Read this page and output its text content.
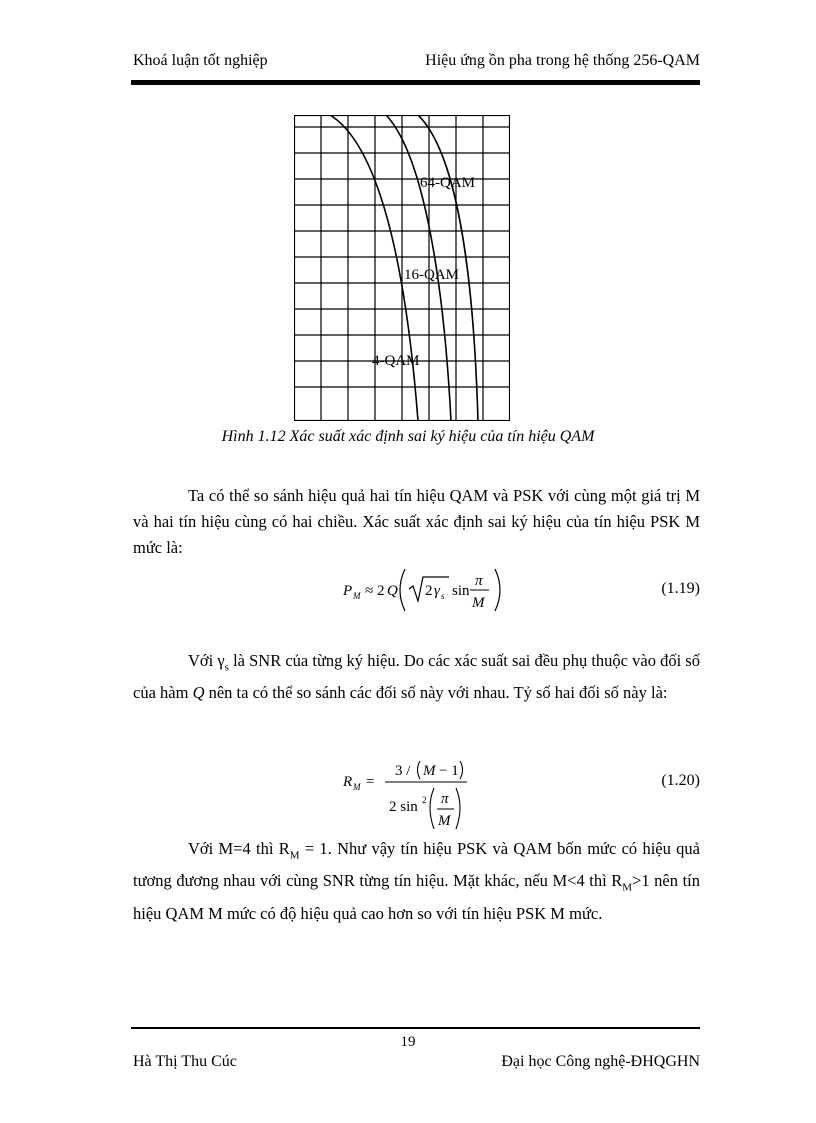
Khoá luận tốt nghiệp	Hiệu ứng ồn pha trong hệ thống 256-QAM
64-QAM
16-QAM
4-QAM
Hình 1.12 Xác suất xác định sai ký hiệu của tín hiệu QAM
Ta có thể so sánh hiệu quả hai tín hiệu QAM và PSK với cùng một giá trị M và hai tín hiệu cùng có hai chiều. Xác suất xác định sai ký hiệu của tín hiệu PSK M mức là:
P M ≈ 2 Q 2 γ s sin
π
M
(1.19)
Với $\gamma_s$ là SNR của từng ký hiệu. Do các xác suất sai đều phụ thuộc vào đối số của hàm Q nên ta có thể so sánh các đối số này với nhau. Tỷ số hai đối số này là:
R M =
3 / M − 1
2 sin 2 π
M
(1.20)
Với M=4 thì $R_M = 1$. Như vậy tín hiệu PSK và QAM bốn mức có hiệu quả tương đương nhau với cùng SNR từng tín hiệu. Mặt khác, nếu M<4 thì $R_M>1$ nên tín hiệu QAM M mức có độ hiệu quả cao hơn so với tín hiệu PSK M mức.
19
Hà Thị Thu Cúc	Đại học Công nghệ-ĐHQGHN
